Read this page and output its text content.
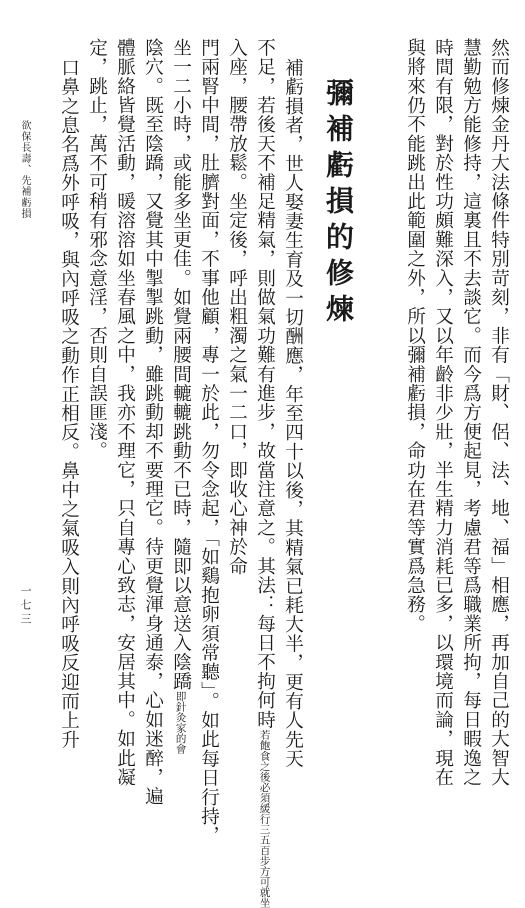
然而修煉金丹大法條件特別苛刻，非有「財、侶、法、地、福」相應，再加自己的大智大
慧勤勉方能修持，這裏且不去談它。而今爲方便起見，考慮君等爲職業所拘，每日暇逸之
時間有限，對於性功頗難深入，又以年齡非少壯，半生精力消耗已多，以環境而論，現在
與將來仍不能跳出此範圍之外，所以彌補虧損，命功在君等實爲急務。
彌補虧損的修煉
補虧損者，世人娶妻生育及一切酬應，年至四十以後，其精氣已耗大半，更有人先天
不足，若後天不補足精氣，則做氣功難有進步，故當注意之。其法：每日不拘何時若飽食之後必須緩行三五百步方可就坐
入座，腰帶放鬆。坐定後，呼出粗濁之氣一二口，即收心神於命
門兩腎中間，肚臍對面，不事他顧，專一於此，勿令念起，「如鷄抱卵須常聽」。如此每日行持，
坐一二小時，或能多坐更佳。如覺兩腰間轆轆跳動不已時，隨即以意送入陰蹻即針灸家的會
陰穴。既至陰蹻，又覺其中掣掣跳動，雖跳動却不要理它。待更覺渾身通泰，心如迷醉，遍
體脈絡皆覺活動，暖溶溶如坐春風之中，我亦不理它，只自專心致志，安居其中。如此凝
定，跳止，萬不可稍有邪念意淫，否則自誤匪淺。
口鼻之息名爲外呼吸，與內呼吸之動作正相反。鼻中之氣吸入則內呼吸反迎而上升
欲保長壽、先補虧損
一七三
